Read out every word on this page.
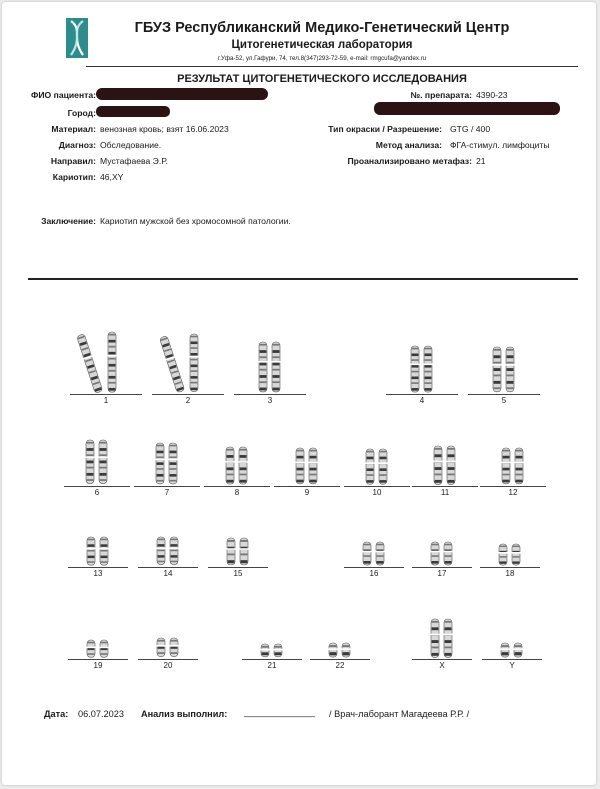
ГБУЗ Республиканский Медико-Генетический Центр
Цитогенетическая лаборатория
г.Уфа-52, ул.Гафури, 74, тел.8(347)293-72-59, e-mail: rmgcufa@yandex.ru
РЕЗУЛЬТАТ ЦИТОГЕНЕТИЧЕСКОГО ИССЛЕДОВАНИЯ
ФИО пациента:
Город:
Материал: венозная кровь; взят 16.06.2023
Диагноз: Обследование.
Направил: Мустафаева Э.Р.
Кариотип: 46,XY
№. препарата: 4390-23
Тип окраски / Разрешение: GTG / 400
Метод анализа: ФГА-стимул. лимфоциты
Проанализировано метафаз: 21
Заключение: Кариотип мужской без хромосомной патологии.
1	2	3	4	5
6	7	8	9	10	11	12
13	14	15	16	17	18
19	20	21	22	X	Y
Дата: 06.07.2023 Анализ выполнил: _______________ / Врач-лаборант Магадеева Р.Р. /
